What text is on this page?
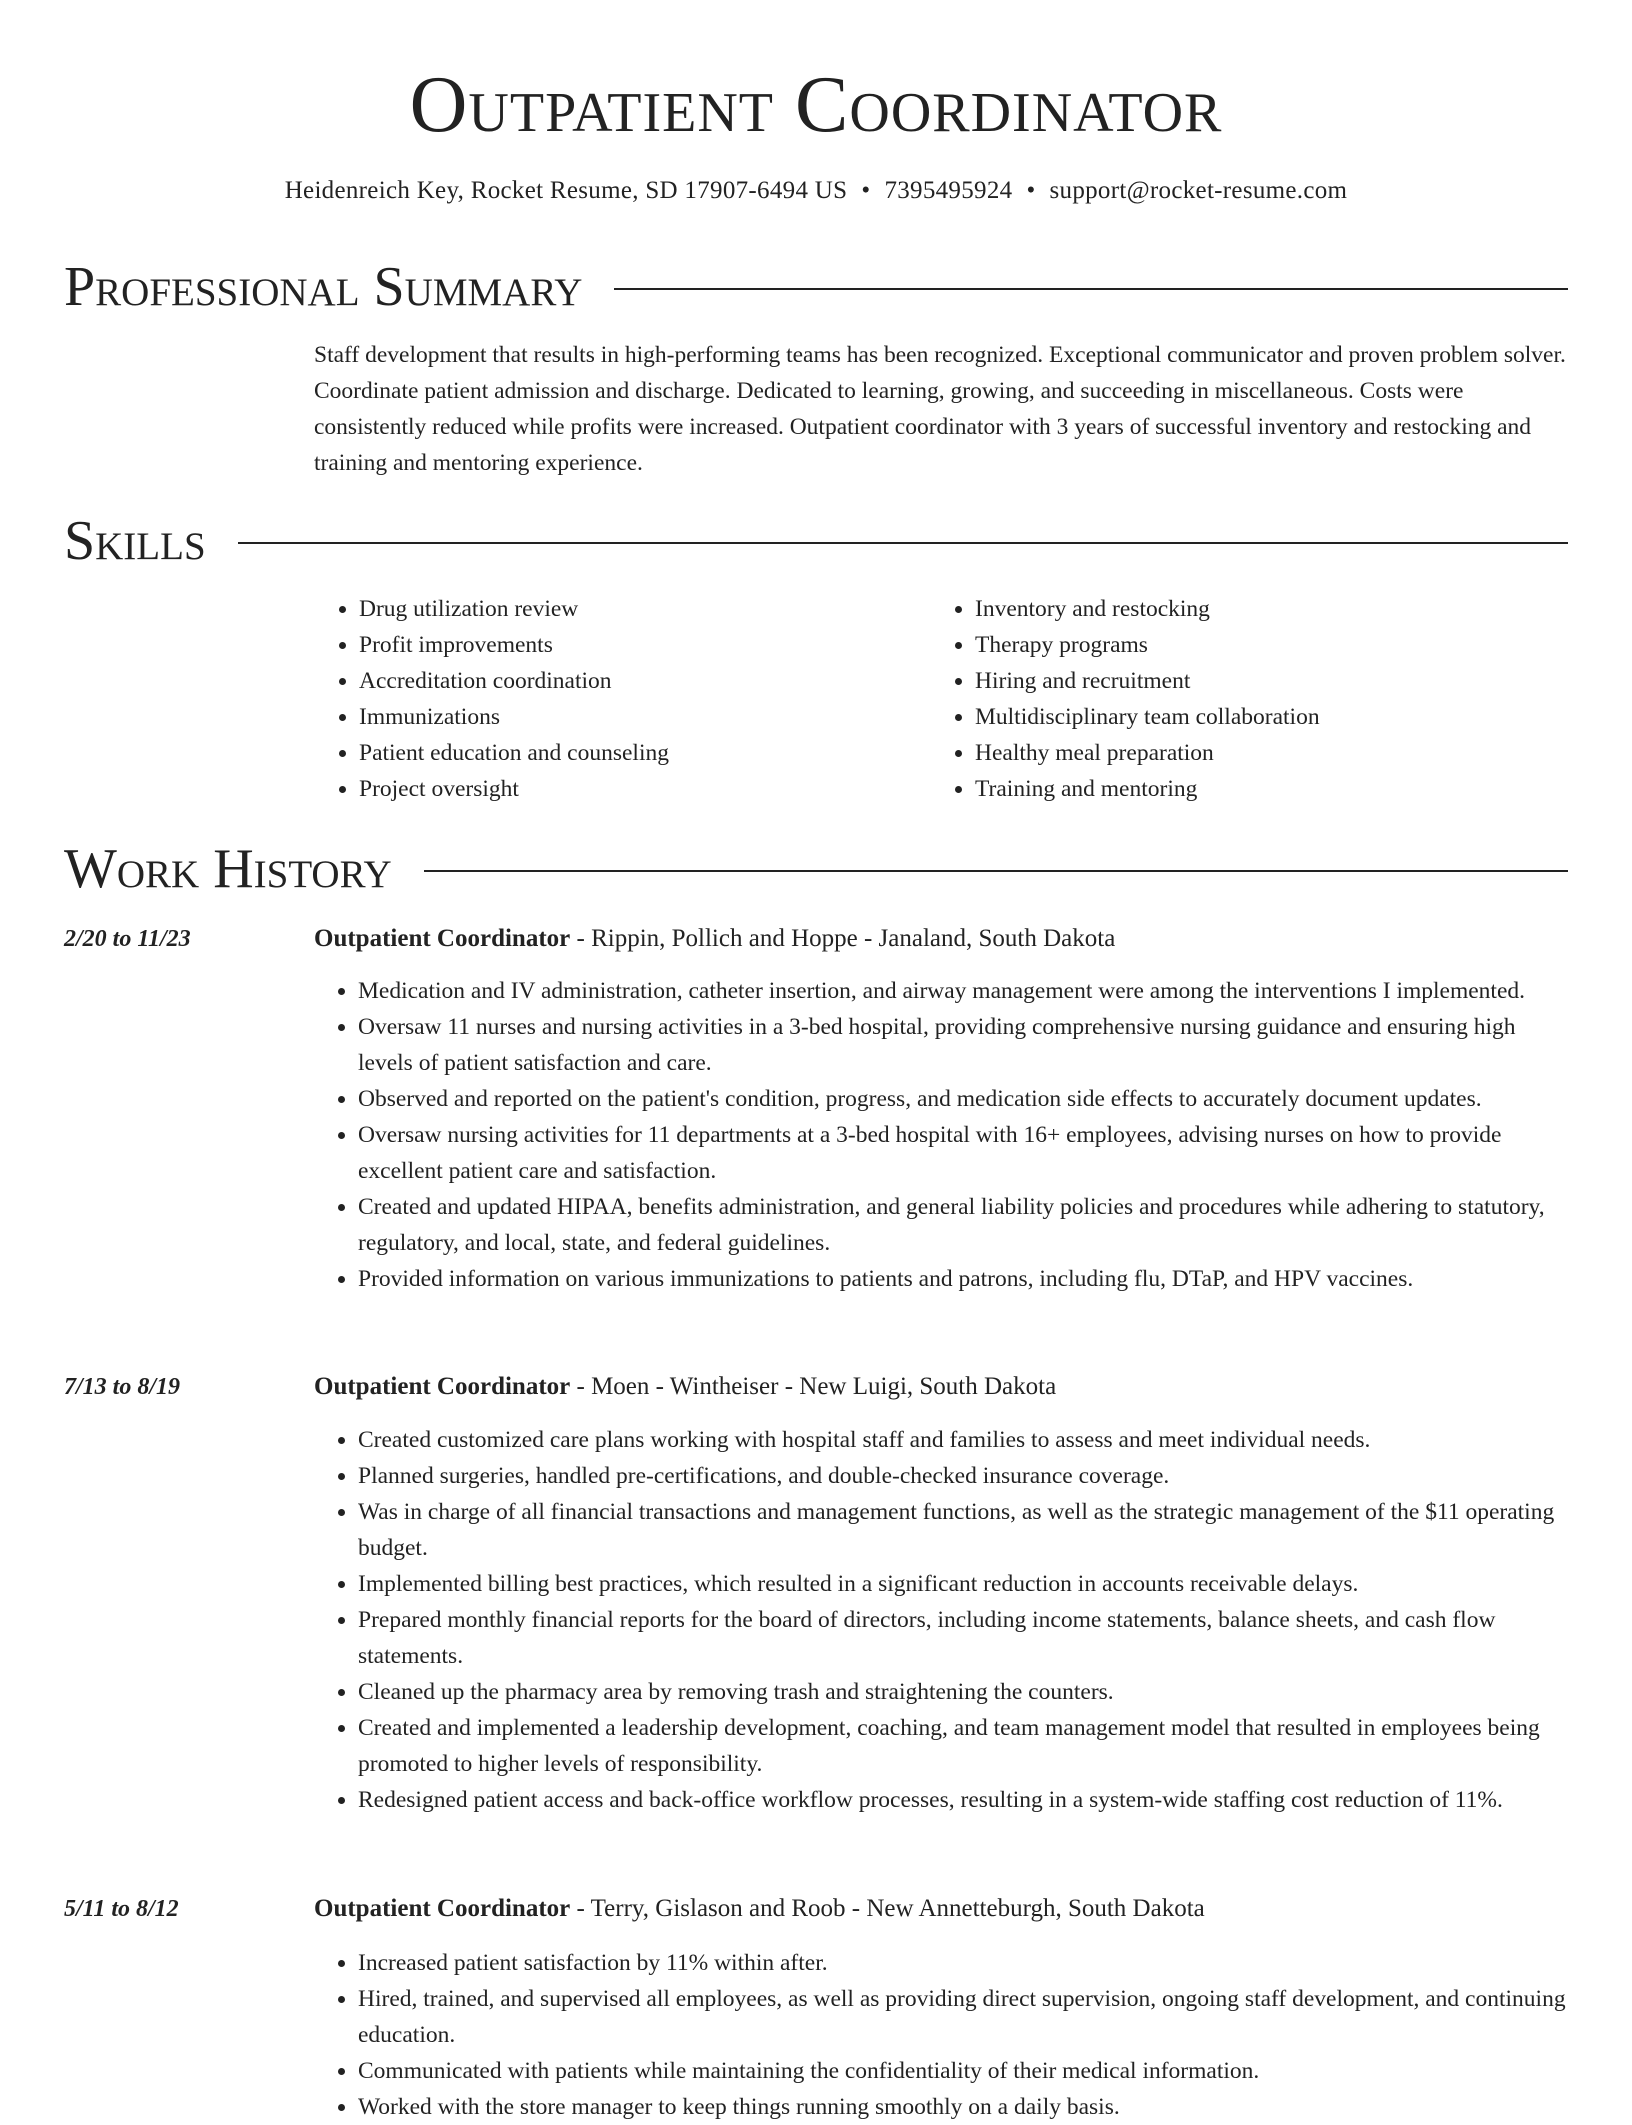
Outpatient Coordinator
Heidenreich Key, Rocket Resume, SD 17907-6494 US • 7395495924 • support@rocket-resume.com
Professional Summary

Staff development that results in high-performing teams has been recognized. Exceptional communicator and proven problem solver. Coordinate patient admission and discharge. Dedicated to learning, growing, and succeeding in miscellaneous. Costs were consistently reduced while profits were increased. Outpatient coordinator with 3 years of successful inventory and restocking and training and mentoring experience.

Skills
• Drug utilization review
• Profit improvements
• Accreditation coordination
• Immunizations
• Patient education and counseling
• Project oversight
• Inventory and restocking
• Therapy programs
• Hiring and recruitment
• Multidisciplinary team collaboration
• Healthy meal preparation
• Training and mentoring
Work History
2/20 to 11/23	Outpatient Coordinator - Rippin, Pollich and Hoppe - Janaland, South Dakota
• Medication and IV administration, catheter insertion, and airway management were among the interventions I implemented.
• Oversaw 11 nurses and nursing activities in a 3-bed hospital, providing comprehensive nursing guidance and ensuring high levels of patient satisfaction and care.
• Observed and reported on the patient's condition, progress, and medication side effects to accurately document updates.
• Oversaw nursing activities for 11 departments at a 3-bed hospital with 16+ employees, advising nurses on how to provide excellent patient care and satisfaction.
• Created and updated HIPAA, benefits administration, and general liability policies and procedures while adhering to statutory, regulatory, and local, state, and federal guidelines.
• Provided information on various immunizations to patients and patrons, including flu, DTaP, and HPV vaccines.
7/13 to 8/19	Outpatient Coordinator - Moen - Wintheiser - New Luigi, South Dakota
• Created customized care plans working with hospital staff and families to assess and meet individual needs.
• Planned surgeries, handled pre-certifications, and double-checked insurance coverage.
• Was in charge of all financial transactions and management functions, as well as the strategic management of the $11 operating budget.
• Implemented billing best practices, which resulted in a significant reduction in accounts receivable delays.
• Prepared monthly financial reports for the board of directors, including income statements, balance sheets, and cash flow statements.
• Cleaned up the pharmacy area by removing trash and straightening the counters.
• Created and implemented a leadership development, coaching, and team management model that resulted in employees being promoted to higher levels of responsibility.
• Redesigned patient access and back-office workflow processes, resulting in a system-wide staffing cost reduction of 11%.
5/11 to 8/12	Outpatient Coordinator - Terry, Gislason and Roob - New Annetteburgh, South Dakota
• Increased patient satisfaction by 11% within after.
• Hired, trained, and supervised all employees, as well as providing direct supervision, ongoing staff development, and continuing education.
• Communicated with patients while maintaining the confidentiality of their medical information.
• Worked with the store manager to keep things running smoothly on a daily basis.
